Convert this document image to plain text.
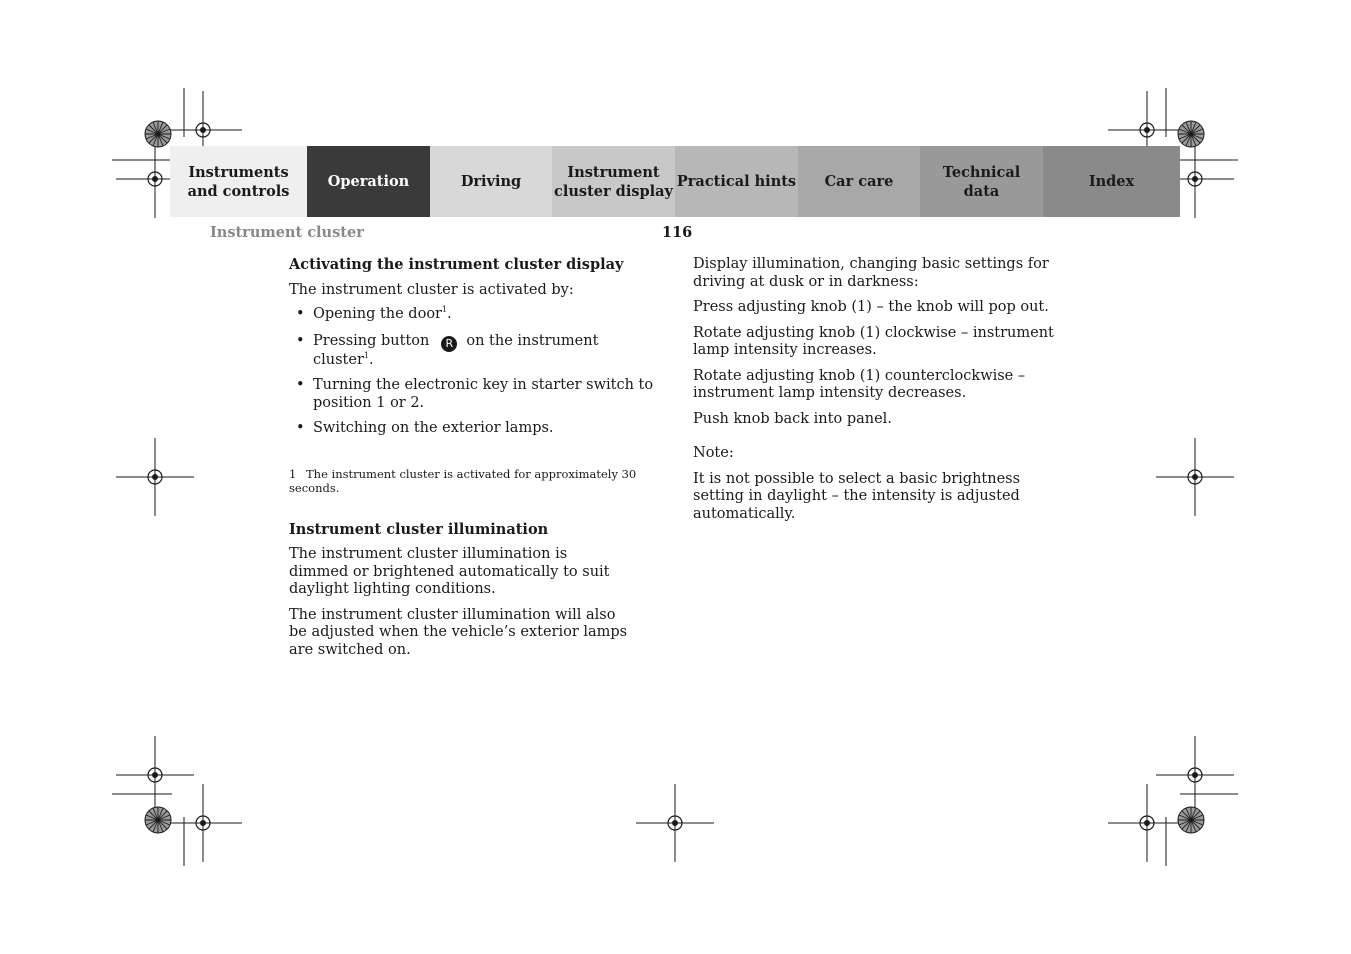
Instruments
and controls
Operation	Driving
Instrument
cluster display
Practical hints	Car care
Technical
data
Index
Instrument cluster	116

Activating the instrument cluster display

The instrument cluster is activated by:

• Opening the door$^1$.

• Pressing button R on the instrument cluster$^1$.

• Turning the electronic key in starter switch to position 1 or 2.

• Switching on the exterior lamps.

1 The instrument cluster is activated for approximately 30 seconds.

Instrument cluster illumination

The instrument cluster illumination is dimmed or brightened automatically to suit daylight lighting conditions.

The instrument cluster illumination will also be adjusted when the vehicle’s exterior lamps are switched on.

Display illumination, changing basic settings for driving at dusk or in darkness:

Press adjusting knob (1) – the knob will pop out.

Rotate adjusting knob (1) clockwise – instrument lamp intensity increases.

Rotate adjusting knob (1) counterclockwise – instrument lamp intensity decreases.

Push knob back into panel.

Note:

It is not possible to select a basic brightness setting in daylight – the intensity is adjusted automatically.
